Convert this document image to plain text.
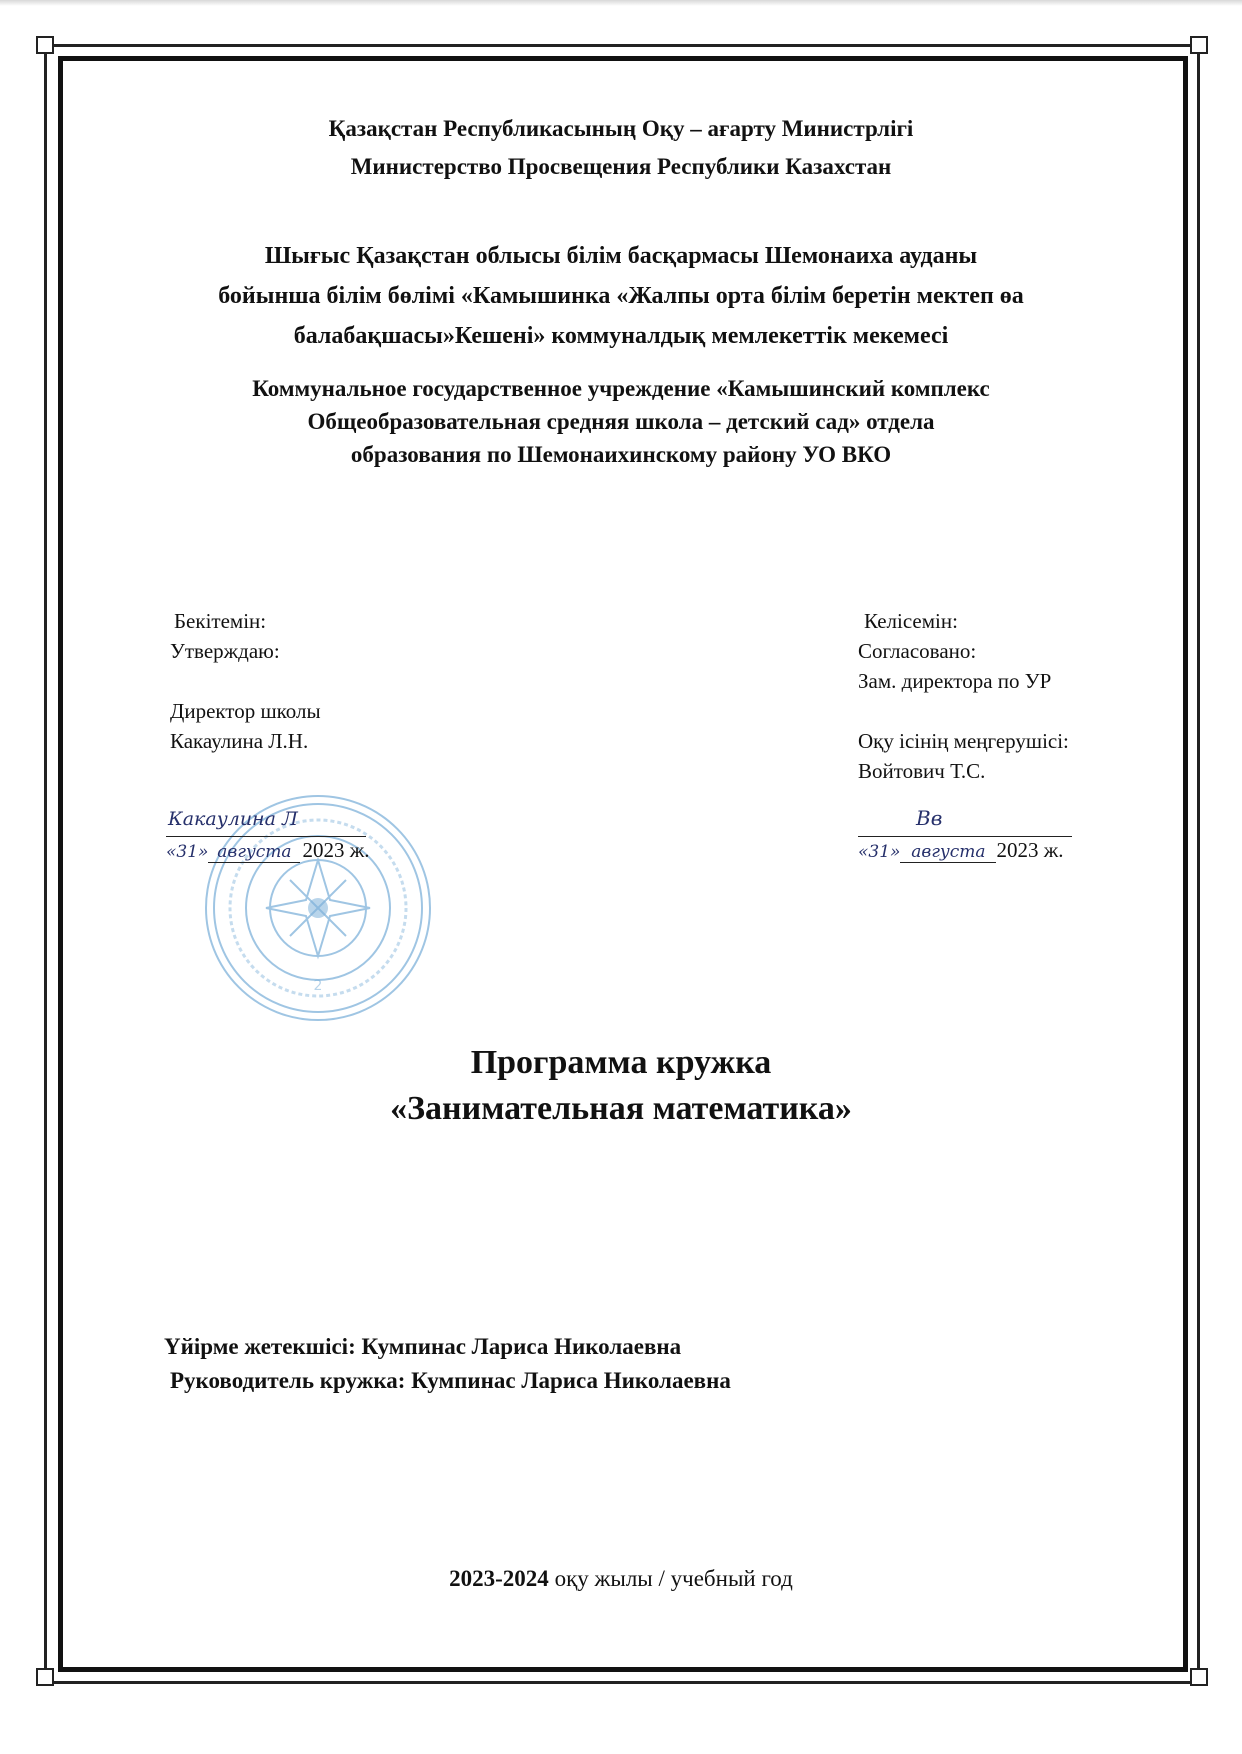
Қазақстан Республикасының Оқу – ағарту Министрлігі
Министерство Просвещения Республики Казахстан
Шығыс Қазақстан облысы білім басқармасы Шемонаиха ауданы
бойынша білім бөлімі «Камышинка «Жалпы орта білім беретін мектеп өа
балабақшасы»Кешені» коммуналдық мемлекеттік мекемесі
Коммунальное государственное учреждение «Камышинский комплекс
Общеобразовательная средняя школа – детский сад» отдела
образования по Шемонаихинскому району УО ВКО
2
Бекітемін:
Утверждаю:
Директор школы
Какаулина Л.Н.
Какаулина Л
«31» августа 2023 ж.
Келісемін:
Согласовано:
Зам. директора по УР
Оқу ісінің меңгерушісі:
Войтович Т.С.
Вв
«31» августа 2023 ж.
Программа кружка
«Занимательная математика»
Үйірме жетекшісі: Кумпинас Лариса Николаевна
Руководитель кружка: Кумпинас Лариса Николаевна
2023-2024 оқу жылы / учебный год
